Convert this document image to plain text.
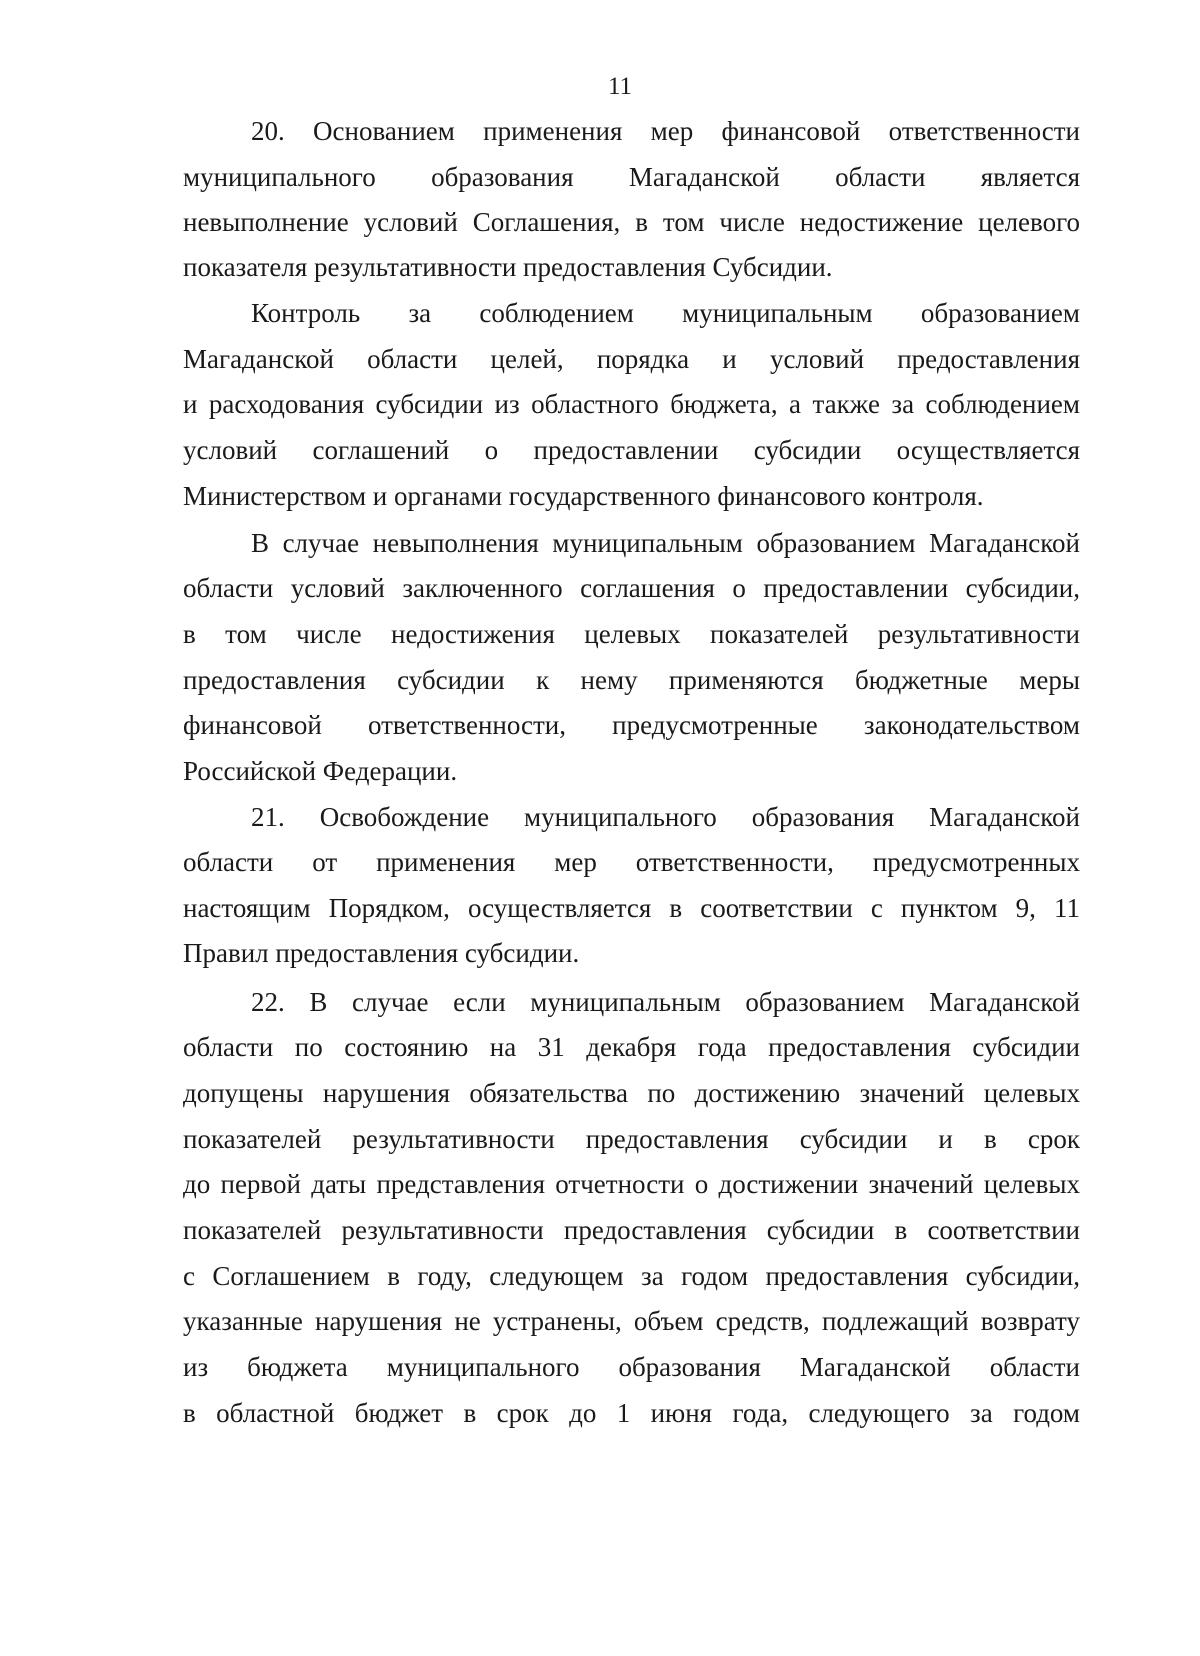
11
20. Основанием применения мер финансовой ответственности
муниципального образования Магаданской области является
невыполнение условий Соглашения, в том числе недостижение целевого
показателя результативности предоставления Субсидии.
Контроль за соблюдением муниципальным образованием
Магаданской области целей, порядка и условий предоставления
и расходования субсидии из областного бюджета, а также за соблюдением
условий соглашений о предоставлении субсидии осуществляется
Министерством и органами государственного финансового контроля.
В случае невыполнения муниципальным образованием Магаданской
области условий заключенного соглашения о предоставлении субсидии,
в том числе недостижения целевых показателей результативности
предоставления субсидии к нему применяются бюджетные меры
финансовой ответственности, предусмотренные законодательством
Российской Федерации.
21. Освобождение муниципального образования Магаданской
области от применения мер ответственности, предусмотренных
настоящим Порядком, осуществляется в соответствии с пунктом 9, 11
Правил предоставления субсидии.
22. В случае если муниципальным образованием Магаданской
области по состоянию на 31 декабря года предоставления субсидии
допущены нарушения обязательства по достижению значений целевых
показателей результативности предоставления субсидии и в срок
до первой даты представления отчетности о достижении значений целевых
показателей результативности предоставления субсидии в соответствии
с Соглашением в году, следующем за годом предоставления субсидии,
указанные нарушения не устранены, объем средств, подлежащий возврату
из бюджета муниципального образования Магаданской области
в областной бюджет в срок до 1 июня года, следующего за годом
